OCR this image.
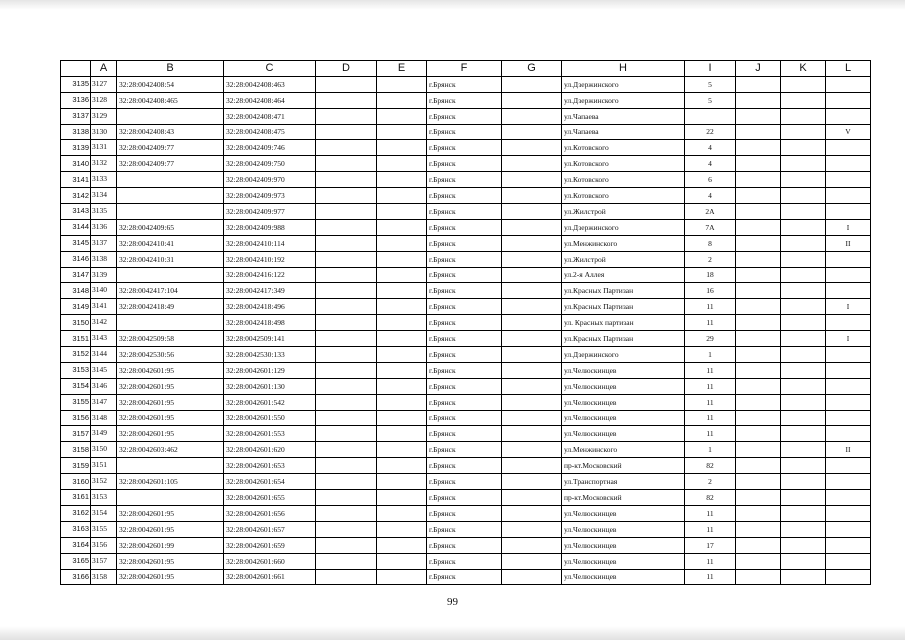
	A	B	C	D	E	F	G	H	I	J	K	L
3135	3127	32:28:0042408:54	32:28:0042408:463			г.Брянск		ул.Дзержинского	5			
3136	3128	32:28:0042408:465	32:28:0042408:464			г.Брянск		ул.Дзержинского	5			
3137	3129		32:28:0042408:471			г.Брянск		ул.Чапаева				
3138	3130	32:28:0042408:43	32:28:0042408:475			г.Брянск		ул.Чапаева	22			V
3139	3131	32:28:0042409:77	32:28:0042409:746			г.Брянск		ул.Котовского	4			
3140	3132	32:28:0042409:77	32:28:0042409:750			г.Брянск		ул.Котовского	4			
3141	3133		32:28:0042409:970			г.Брянск		ул.Котовского	6			
3142	3134		32:28:0042409:973			г.Брянск		ул.Котовского	4			
3143	3135		32:28:0042409:977			г.Брянск		ул.Жилстрой	2А			
3144	3136	32:28:0042409:65	32:28:0042409:988			г.Брянск		ул.Дзержинского	7А			I
3145	3137	32:28:0042410:41	32:28:0042410:114			г.Брянск		ул.Менжинского	8			II
3146	3138	32:28:0042410:31	32:28:0042410:192			г.Брянск		ул.Жилстрой	2			
3147	3139		32:28:0042416:122			г.Брянск		ул.2-я Аллея	18			
3148	3140	32:28:0042417:104	32:28:0042417:349			г.Брянск		ул.Красных Партизан	16			
3149	3141	32:28:0042418:49	32:28:0042418:496			г.Брянск		ул.Красных Партизан	11			I
3150	3142		32:28:0042418:498			г.Брянск		ул. Красных партизан	11			
3151	3143	32:28:0042509:58	32:28:0042509:141			г.Брянск		ул.Красных Партизан	29			I
3152	3144	32:28:0042530:56	32:28:0042530:133			г.Брянск		ул.Дзержинского	1			
3153	3145	32:28:0042601:95	32:28:0042601:129			г.Брянск		ул.Челюскинцев	11			
3154	3146	32:28:0042601:95	32:28:0042601:130			г.Брянск		ул.Челюскинцев	11			
3155	3147	32:28:0042601:95	32:28:0042601:542			г.Брянск		ул.Челюскинцев	11			
3156	3148	32:28:0042601:95	32:28:0042601:550			г.Брянск		ул.Челюскинцев	11			
3157	3149	32:28:0042601:95	32:28:0042601:553			г.Брянск		ул.Челюскинцев	11			
3158	3150	32:28:0042603:462	32:28:0042601:620			г.Брянск		ул.Менжинского	1			II
3159	3151		32:28:0042601:653			г.Брянск		пр-кт.Московский	82			
3160	3152	32:28:0042601:105	32:28:0042601:654			г.Брянск		ул.Транспортная	2			
3161	3153		32:28:0042601:655			г.Брянск		пр-кт.Московский	82			
3162	3154	32:28:0042601:95	32:28:0042601:656			г.Брянск		ул.Челюскинцев	11			
3163	3155	32:28:0042601:95	32:28:0042601:657			г.Брянск		ул.Челюскинцев	11			
3164	3156	32:28:0042601:99	32:28:0042601:659			г.Брянск		ул.Челюскинцев	17			
3165	3157	32:28:0042601:95	32:28:0042601:660			г.Брянск		ул.Челюскинцев	11			
3166	3158	32:28:0042601:95	32:28:0042601:661			г.Брянск		ул.Челюскинцев	11			
99
